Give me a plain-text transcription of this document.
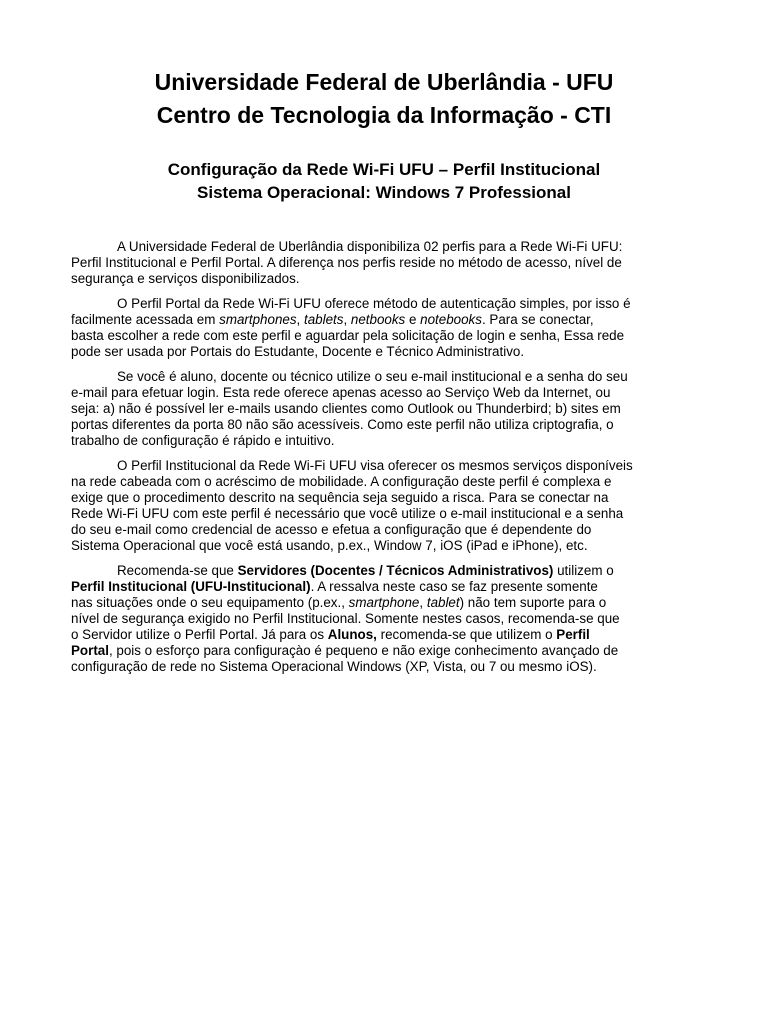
Universidade Federal de Uberlândia - UFU
Centro de Tecnologia da Informação - CTI
Configuração da Rede Wi-Fi UFU – Perfil Institucional
Sistema Operacional: Windows 7 Professional
A Universidade Federal de Uberlândia disponibiliza 02 perfis para a Rede Wi-Fi UFU:
Perfil Institucional e Perfil Portal. A diferença nos perfis reside no método de acesso, nível de
segurança e serviços disponibilizados.
O Perfil Portal da Rede Wi-Fi UFU oferece método de autenticação simples, por isso é
facilmente acessada em smartphones, tablets, netbooks e notebooks. Para se conectar,
basta escolher a rede com este perfil e aguardar pela solicitação de login e senha, Essa rede
pode ser usada por Portais do Estudante, Docente e Técnico Administrativo.
Se você é aluno, docente ou técnico utilize o seu e-mail institucional e a senha do seu
e-mail para efetuar login. Esta rede oferece apenas acesso ao Serviço Web da Internet, ou
seja: a) não é possível ler e-mails usando clientes como Outlook ou Thunderbird; b) sites em
portas diferentes da porta 80 não são acessíveis. Como este perfil não utiliza criptografia, o
trabalho de configuração é rápido e intuitivo.
O Perfil Institucional da Rede Wi-Fi UFU visa oferecer os mesmos serviços disponíveis
na rede cabeada com o acréscimo de mobilidade. A configuração deste perfil é complexa e
exige que o procedimento descrito na sequência seja seguido a risca. Para se conectar na
Rede Wi-Fi UFU com este perfil é necessário que você utilize o e-mail institucional e a senha
do seu e-mail como credencial de acesso e efetua a configuração que é dependente do
Sistema Operacional que você está usando, p.ex., Window 7, iOS (iPad e iPhone), etc.
Recomenda-se que Servidores (Docentes / Técnicos Administrativos) utilizem o
Perfil Institucional (UFU-Institucional). A ressalva neste caso se faz presente somente
nas situações onde o seu equipamento (p.ex., smartphone, tablet) não tem suporte para o
nível de segurança exigido no Perfil Institucional. Somente nestes casos, recomenda-se que
o Servidor utilize o Perfil Portal. Já para os Alunos, recomenda-se que utilizem o Perfil
Portal, pois o esforço para configuraçào é pequeno e não exige conhecimento avançado de
configuração de rede no Sistema Operacional Windows (XP, Vista, ou 7 ou mesmo iOS).
